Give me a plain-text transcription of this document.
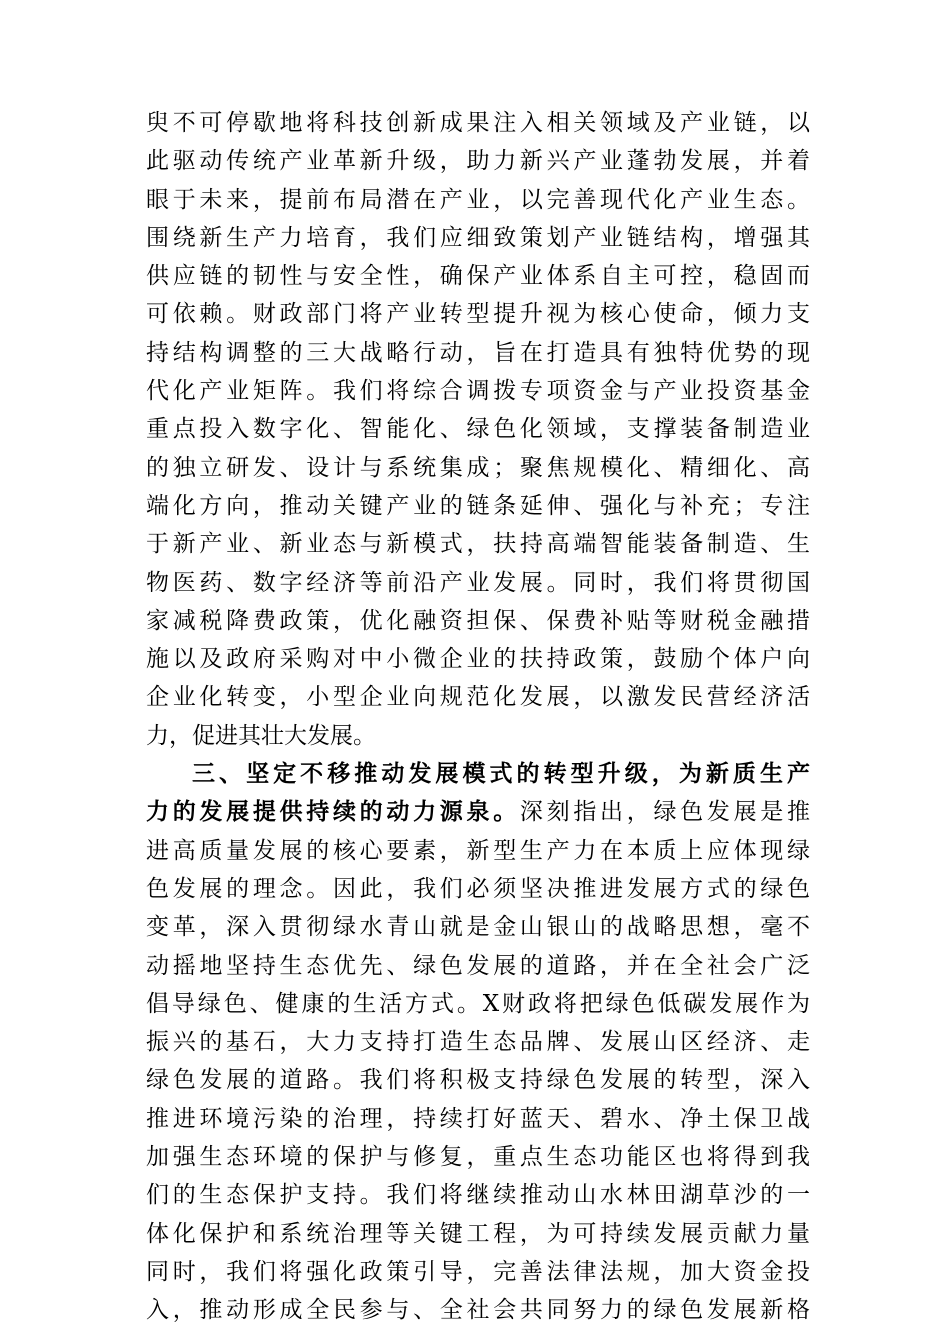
臾不可停歇地将科技创新成果注入相关领域及产业链，以
此驱动传统产业革新升级，助力新兴产业蓬勃发展，并着
眼于未来，提前布局潜在产业，以完善现代化产业生态。
围绕新生产力培育，我们应细致策划产业链结构，增强其
供应链的韧性与安全性，确保产业体系自主可控，稳固而
可依赖。财政部门将产业转型提升视为核心使命，倾力支
持结构调整的三大战略行动，旨在打造具有独特优势的现
代化产业矩阵。我们将综合调拨专项资金与产业投资基金
重点投入数字化、智能化、绿色化领域，支撑装备制造业
的独立研发、设计与系统集成；聚焦规模化、精细化、高
端化方向，推动关键产业的链条延伸、强化与补充；专注
于新产业、新业态与新模式，扶持高端智能装备制造、生
物医药、数字经济等前沿产业发展。同时，我们将贯彻国
家减税降费政策，优化融资担保、保费补贴等财税金融措
施以及政府采购对中小微企业的扶持政策，鼓励个体户向
企业化转变，小型企业向规范化发展，以激发民营经济活
力，促进其壮大发展。
三、坚定不移推动发展模式的转型升级，为新质生产
力的发展提供持续的动力源泉。深刻指出，绿色发展是推
进高质量发展的核心要素，新型生产力在本质上应体现绿
色发展的理念。因此，我们必须坚决推进发展方式的绿色
变革，深入贯彻绿水青山就是金山银山的战略思想，毫不
动摇地坚持生态优先、绿色发展的道路，并在全社会广泛
倡导绿色、健康的生活方式。X财政将把绿色低碳发展作为
振兴的基石，大力支持打造生态品牌、发展山区经济、走
绿色发展的道路。我们将积极支持绿色发展的转型，深入
推进环境污染的治理，持续打好蓝天、碧水、净土保卫战
加强生态环境的保护与修复，重点生态功能区也将得到我
们的生态保护支持。我们将继续推动山水林田湖草沙的一
体化保护和系统治理等关键工程，为可持续发展贡献力量
同时，我们将强化政策引导，完善法律法规，加大资金投
入，推动形成全民参与、全社会共同努力的绿色发展新格
